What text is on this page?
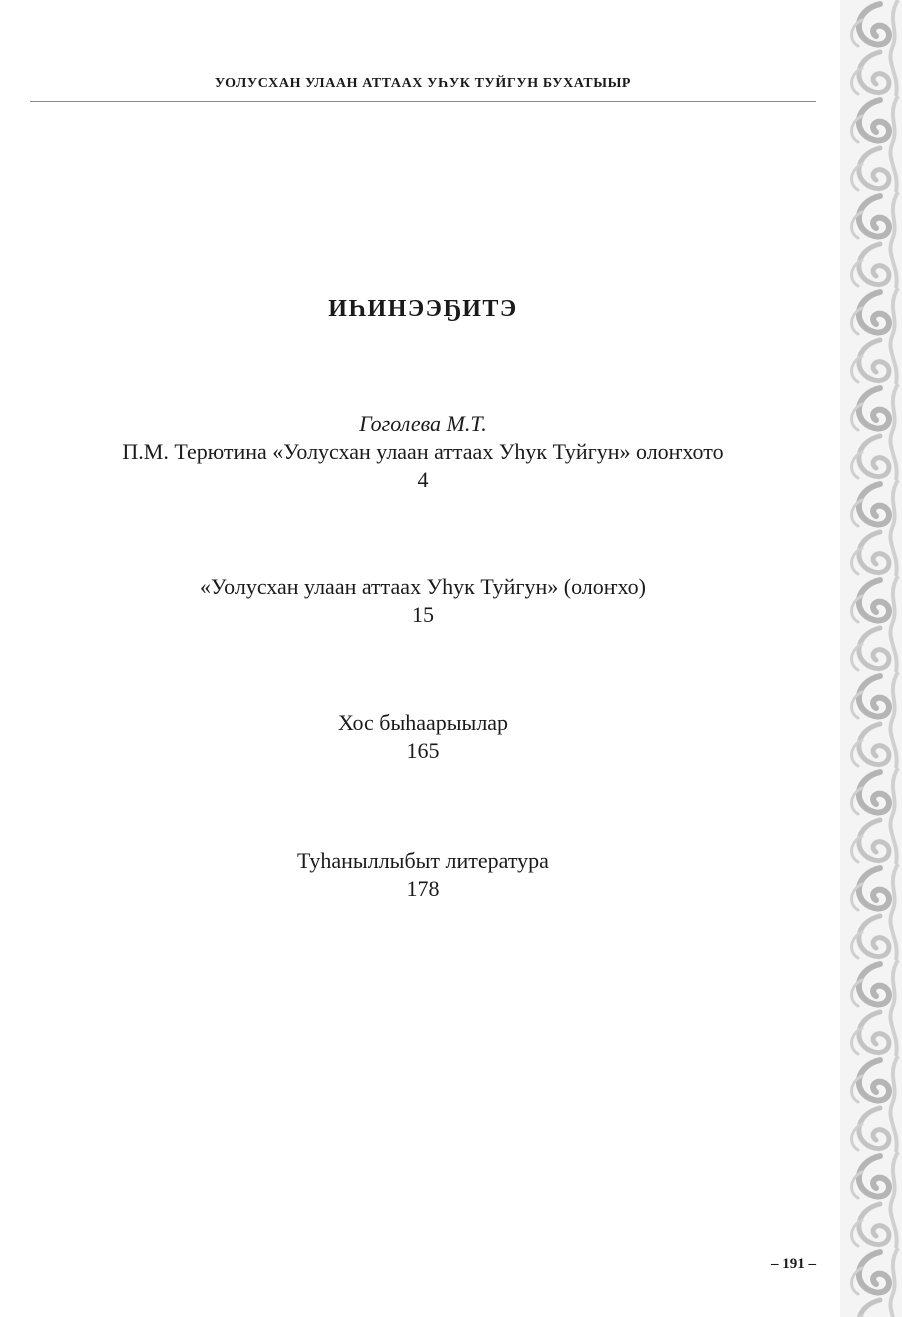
УОЛУСХАН УЛААН АТТААХ УҺУК ТУЙГУН БУХАТЫЫР
ИҺИНЭЭҔИТЭ
Гоголева М.Т.
П.М. Терютина «Уолусхан улаан аттаах Уһук Туйгун» олоҥхото
4
«Уолусхан улаан аттаах Уһук Туйгун» (олоҥхо)
15
Хос быһаарыылар
165
Туһаныллыбыт литература
178
– 191 –
